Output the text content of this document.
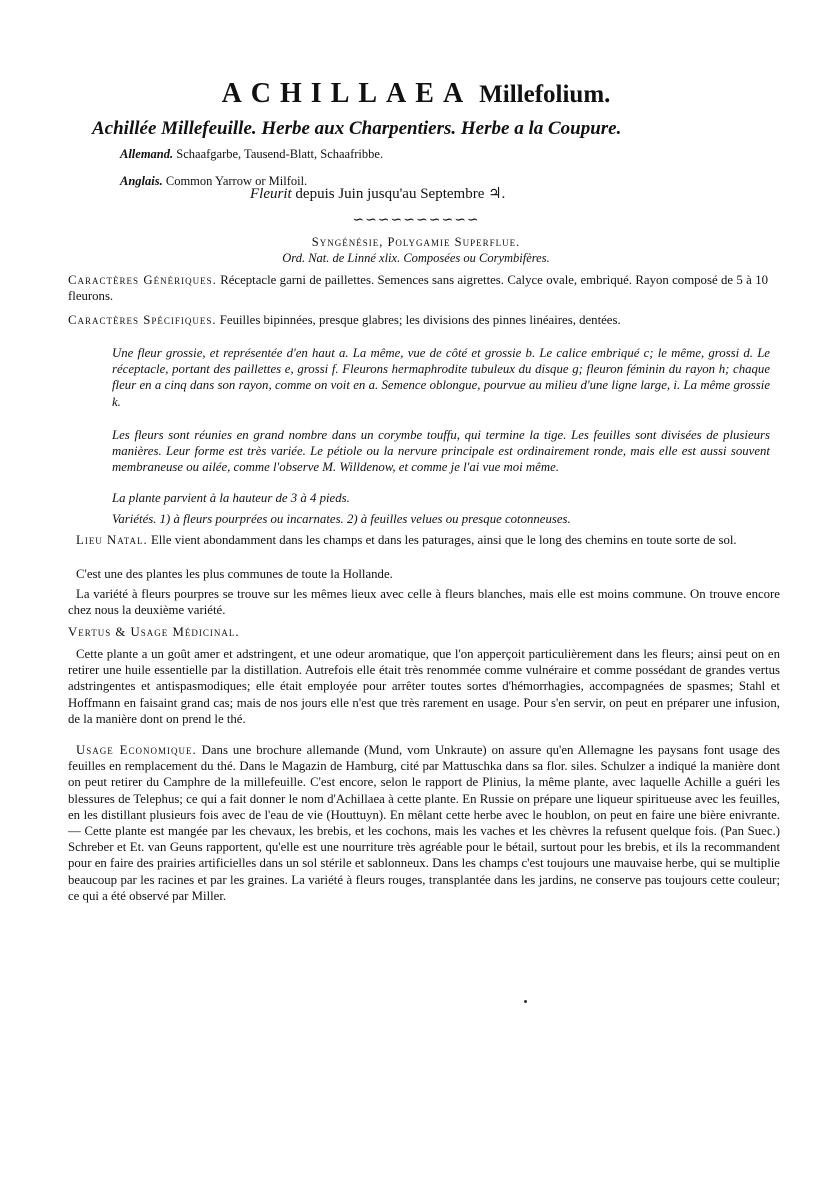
ACHILLAEA Millefolium.
Achillée Millefeuille. Herbe aux Charpentiers. Herbe a la Coupure.
Allemand. Schaafgarbe, Tausend-Blatt, Schaafribbe.
Anglais. Common Yarrow or Milfoil.
Fleurit depuis Juin jusqu'au Septembre ♃.
∽∽∽∽∽∽∽∽∽∽
Syngénésie, Polygamie Superflue.
Ord. Nat. de Linné xlix. Composées ou Corymbifères.
Caractères Génériques. Réceptacle garni de paillettes. Semences sans aigrettes. Calyce ovale, embriqué. Rayon composé de 5 à 10 fleurons.
Caractères Spécifiques. Feuilles bipinnées, presque glabres; les divisions des pinnes linéaires, dentées.
Une fleur grossie, et représentée d'en haut a. La même, vue de côté et grossie b. Le calice embriqué c; le même, grossi d. Le réceptacle, portant des paillettes e, grossi f. Fleurons hermaphrodite tubuleux du disque g; fleuron féminin du rayon h; chaque fleur en a cinq dans son rayon, comme on voit en a. Semence oblongue, pourvue au milieu d'une ligne large, i. La même grossie k.
Les fleurs sont réunies en grand nombre dans un corymbe touffu, qui termine la tige. Les feuilles sont divisées de plusieurs manières. Leur forme est très variée. Le pétiole ou la nervure principale est ordinairement ronde, mais elle est aussi souvent membraneuse ou ailée, comme l'observe M. Willdenow, et comme je l'ai vue moi même.
La plante parvient à la hauteur de 3 à 4 pieds.
Variétés. 1) à fleurs pourprées ou incarnates. 2) à feuilles velues ou presque cotonneuses.
Lieu Natal. Elle vient abondamment dans les champs et dans les paturages, ainsi que le long des chemins en toute sorte de sol.
C'est une des plantes les plus communes de toute la Hollande.
La variété à fleurs pourpres se trouve sur les mêmes lieux avec celle à fleurs blanches, mais elle est moins commune. On trouve encore chez nous la deuxième variété.
Vertus & Usage Médicinal.
Cette plante a un goût amer et adstringent, et une odeur aromatique, que l'on apperçoit particulièrement dans les fleurs; ainsi peut on en retirer une huile essentielle par la distillation. Autrefois elle était très renommée comme vulnéraire et comme possédant de grandes vertus adstringentes et antispasmodiques; elle était employée pour arrêter toutes sortes d'hémorrhagies, accompagnées de spasmes; Stahl et Hoffmann en faisaint grand cas; mais de nos jours elle n'est que très rarement en usage. Pour s'en servir, on peut en préparer une infusion, de la manière dont on prend le thé.
Usage Economique. Dans une brochure allemande (Mund, vom Unkraute) on assure qu'en Allemagne les paysans font usage des feuilles en remplacement du thé. Dans le Magazin de Hamburg, cité par Mattuschka dans sa flor. siles. Schulzer a indiqué la manière dont on peut retirer du Camphre de la millefeuille. C'est encore, selon le rapport de Plinius, la même plante, avec laquelle Achille a guéri les blessures de Telephus; ce qui a fait donner le nom d'Achillaea à cette plante. En Russie on prépare une liqueur spiritueuse avec les feuilles, en les distillant plusieurs fois avec de l'eau de vie (Houttuyn). En mêlant cette herbe avec le houblon, on peut en faire une bière enivrante. — Cette plante est mangée par les chevaux, les brebis, et les cochons, mais les vaches et les chèvres la refusent quelque fois. (Pan Suec.) Schreber et Et. van Geuns rapportent, qu'elle est une nourriture très agréable pour le bétail, surtout pour les brebis, et ils la recommandent pour en faire des prairies artificielles dans un sol stérile et sablonneux. Dans les champs c'est toujours une mauvaise herbe, qui se multiplie beaucoup par les racines et par les graines. La variété à fleurs rouges, transplantée dans les jardins, ne conserve pas toujours cette couleur; ce qui a été observé par Miller.
